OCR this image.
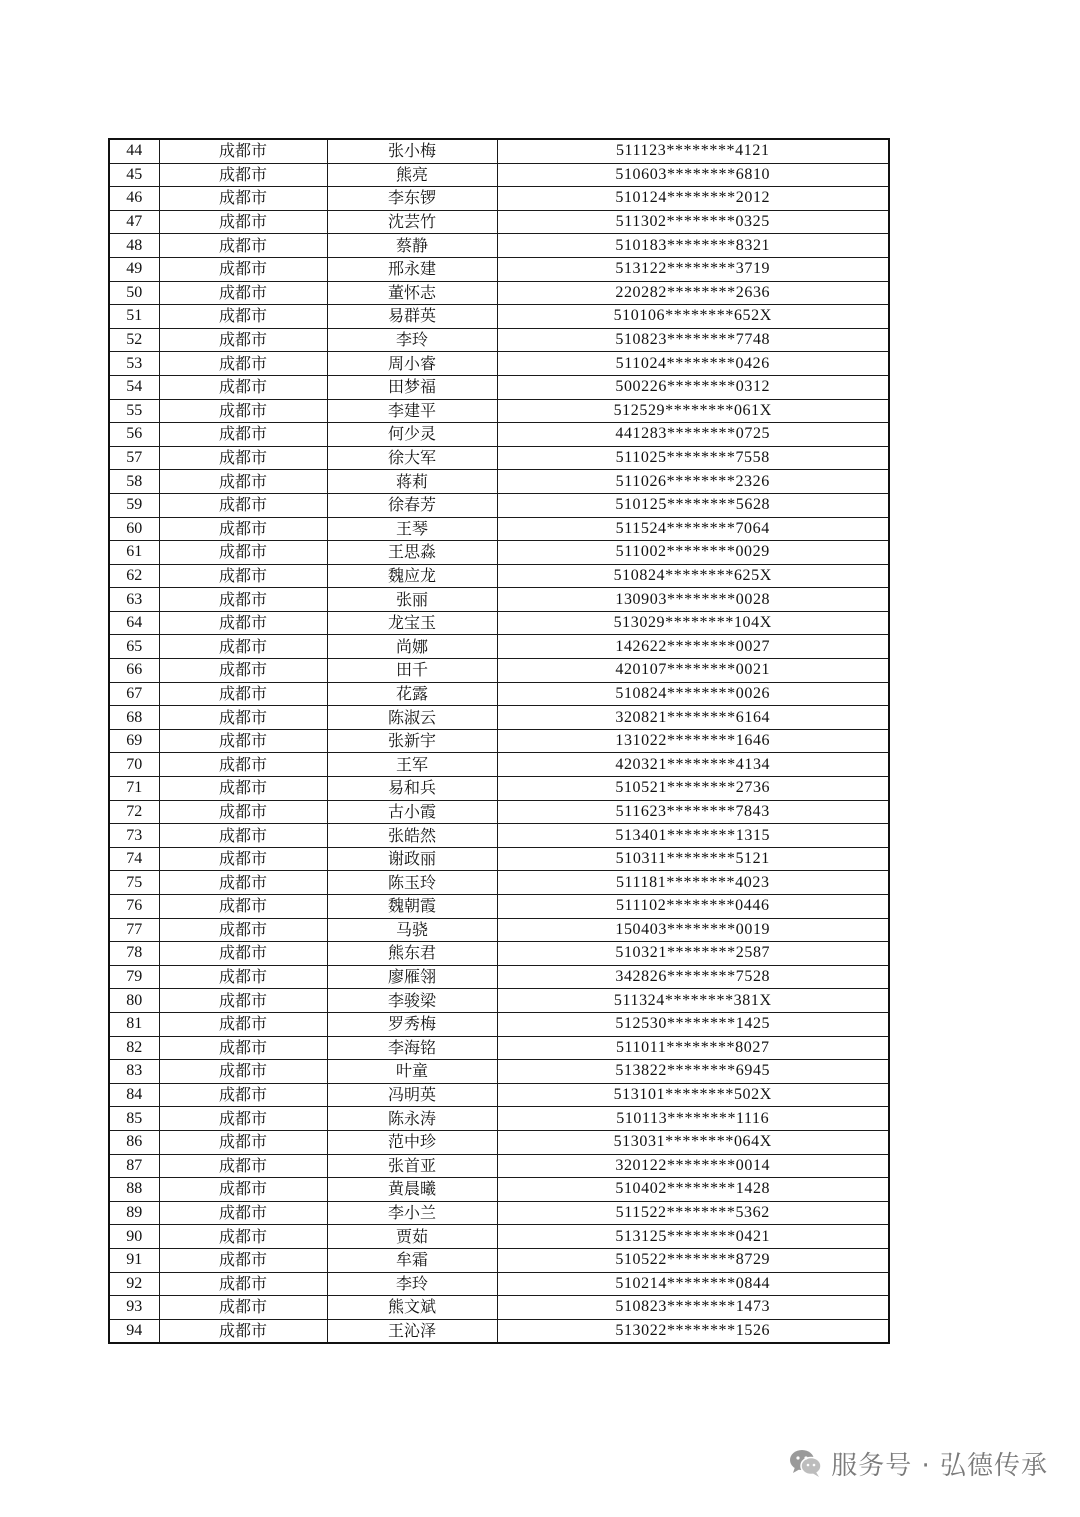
44	成都市	张小梅	511123********4121
45	成都市	熊亮	510603********6810
46	成都市	李东锣	510124********2012
47	成都市	沈芸竹	511302********0325
48	成都市	蔡静	510183********8321
49	成都市	邢永建	513122********3719
50	成都市	董怀志	220282********2636
51	成都市	易群英	510106********652X
52	成都市	李玲	510823********7748
53	成都市	周小睿	511024********0426
54	成都市	田梦福	500226********0312
55	成都市	李建平	512529********061X
56	成都市	何少灵	441283********0725
57	成都市	徐大军	511025********7558
58	成都市	蒋莉	511026********2326
59	成都市	徐春芳	510125********5628
60	成都市	王琴	511524********7064
61	成都市	王思淼	511002********0029
62	成都市	魏应龙	510824********625X
63	成都市	张丽	130903********0028
64	成都市	龙宝玉	513029********104X
65	成都市	尚娜	142622********0027
66	成都市	田千	420107********0021
67	成都市	花露	510824********0026
68	成都市	陈淑云	320821********6164
69	成都市	张新宇	131022********1646
70	成都市	王军	420321********4134
71	成都市	易和兵	510521********2736
72	成都市	古小霞	511623********7843
73	成都市	张皓然	513401********1315
74	成都市	谢政丽	510311********5121
75	成都市	陈玉玲	511181********4023
76	成都市	魏朝霞	511102********0446
77	成都市	马骁	150403********0019
78	成都市	熊东君	510321********2587
79	成都市	廖雁翎	342826********7528
80	成都市	李骏梁	511324********381X
81	成都市	罗秀梅	512530********1425
82	成都市	李海铭	511011********8027
83	成都市	叶童	513822********6945
84	成都市	冯明英	513101********502X
85	成都市	陈永涛	510113********1116
86	成都市	范中珍	513031********064X
87	成都市	张首亚	320122********0014
88	成都市	黄晨曦	510402********1428
89	成都市	李小兰	511522********5362
90	成都市	贾茹	513125********0421
91	成都市	牟霜	510522********8729
92	成都市	李玲	510214********0844
93	成都市	熊文斌	510823********1473
94	成都市	王沁泽	513022********1526
服务号 · 弘德传承
